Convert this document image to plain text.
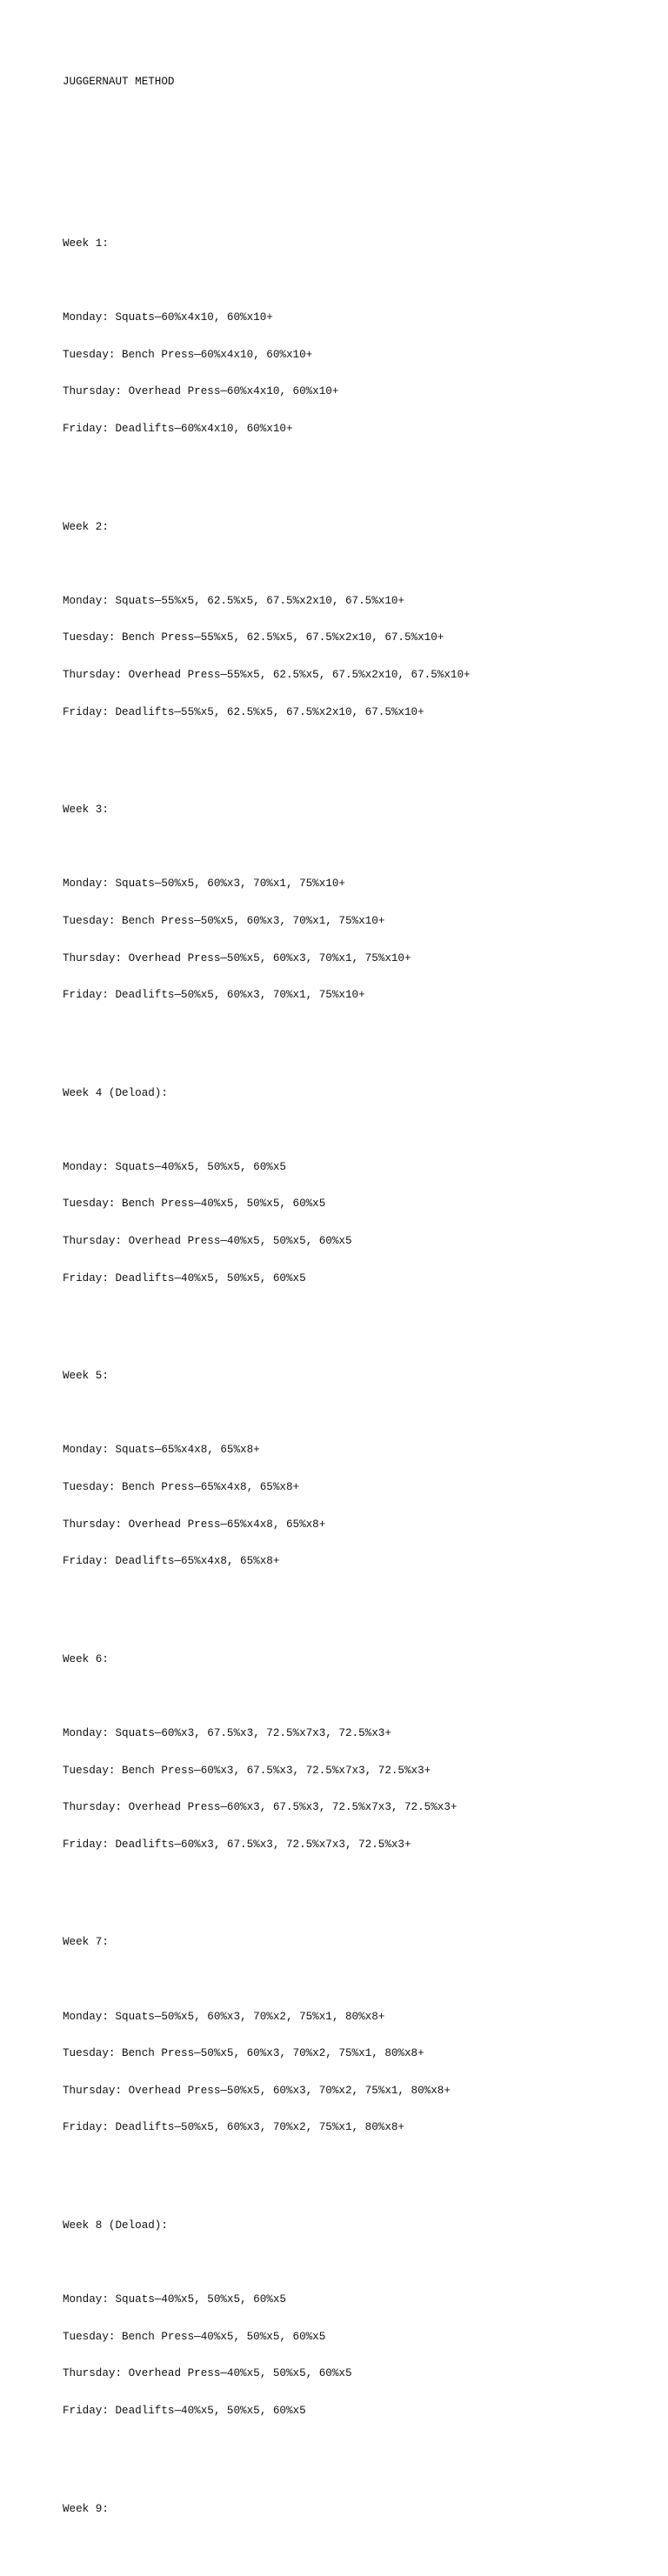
JUGGERNAUT METHOD

Week 1:

Monday: Squats—60%x4x10, 60%x10+

Tuesday: Bench Press—60%x4x10, 60%x10+

Thursday: Overhead Press—60%x4x10, 60%x10+

Friday: Deadlifts—60%x4x10, 60%x10+

Week 2:

Monday: Squats—55%x5, 62.5%x5, 67.5%x2x10, 67.5%x10+

Tuesday: Bench Press—55%x5, 62.5%x5, 67.5%x2x10, 67.5%x10+

Thursday: Overhead Press—55%x5, 62.5%x5, 67.5%x2x10, 67.5%x10+

Friday: Deadlifts—55%x5, 62.5%x5, 67.5%x2x10, 67.5%x10+

Week 3:

Monday: Squats—50%x5, 60%x3, 70%x1, 75%x10+

Tuesday: Bench Press—50%x5, 60%x3, 70%x1, 75%x10+

Thursday: Overhead Press—50%x5, 60%x3, 70%x1, 75%x10+

Friday: Deadlifts—50%x5, 60%x3, 70%x1, 75%x10+

Week 4 (Deload):

Monday: Squats—40%x5, 50%x5, 60%x5

Tuesday: Bench Press—40%x5, 50%x5, 60%x5

Thursday: Overhead Press—40%x5, 50%x5, 60%x5

Friday: Deadlifts—40%x5, 50%x5, 60%x5

Week 5:

Monday: Squats—65%x4x8, 65%x8+

Tuesday: Bench Press—65%x4x8, 65%x8+

Thursday: Overhead Press—65%x4x8, 65%x8+

Friday: Deadlifts—65%x4x8, 65%x8+

Week 6:

Monday: Squats—60%x3, 67.5%x3, 72.5%x7x3, 72.5%x3+

Tuesday: Bench Press—60%x3, 67.5%x3, 72.5%x7x3, 72.5%x3+

Thursday: Overhead Press—60%x3, 67.5%x3, 72.5%x7x3, 72.5%x3+

Friday: Deadlifts—60%x3, 67.5%x3, 72.5%x7x3, 72.5%x3+

Week 7:

Monday: Squats—50%x5, 60%x3, 70%x2, 75%x1, 80%x8+

Tuesday: Bench Press—50%x5, 60%x3, 70%x2, 75%x1, 80%x8+

Thursday: Overhead Press—50%x5, 60%x3, 70%x2, 75%x1, 80%x8+

Friday: Deadlifts—50%x5, 60%x3, 70%x2, 75%x1, 80%x8+

Week 8 (Deload):

Monday: Squats—40%x5, 50%x5, 60%x5

Tuesday: Bench Press—40%x5, 50%x5, 60%x5

Thursday: Overhead Press—40%x5, 50%x5, 60%x5

Friday: Deadlifts—40%x5, 50%x5, 60%x5

Week 9:
